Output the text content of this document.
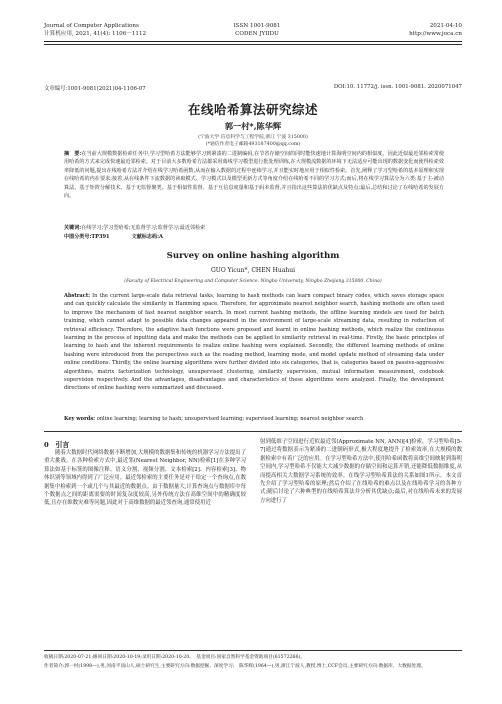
Journal of Computer Applications
计算机应用, 2021, 41(4): 1106－1112
ISSN 1001-9081
CODEN JYIIDU
2021-04-10
http://www.joca.cn
文章编号:1001-9081(2021)04-1106-07	DOI:10. 11772/j. issn. 1001-9081. 2020071047
在线哈希算法研究综述
郭一村*,陈华辉
(宁波大学 信息科学与工程学院,浙江 宁波 315000)
(*通信作者电子邮箱493187400@qq.com)
摘　要:在当前大规模数据检索任务中,学习型哈希方法能够学习到紧凑的二进制编码,在节省存储空间的同时能快速地计算海明空间内的相似度。因此近似最近邻检索常使用哈希的方式来完成快速最近邻检索。对于目前大多数哈希方法都采用离线学习模型进行批处理训练,在大规模流数据的环境下无法适应可能出现的数据变化而使得检索效率降低的问题,提出在线哈希方法并介绍在线学习哈希函数,从而在输入数据的过程中连续学习,并且能实时地应用于相似性检索。首先,阐释了学习型哈希的基本原理和实现在线哈希的内在要求;接着,从在线条件下流数据的读取模式、学习模式以及模型更新方式等角度介绍在线哈希不同的学习方式;而后,将在线学习算法分为六类:基于主-被动算法、基于矩阵分解技术、基于无监督聚类、基于相似性监督、基于互信息度量和基于码本监督,并且指出这些算法的优缺点及特点;最后,总结和讨论了在线哈希的发展方向。
关键词:在线学习;学习型哈希;无监督学习;监督学习;最近邻检索
中图分类号:TP391	文献标志码:A
Survey on online hashing algorithm
GUO Yicun*, CHEN Huahui
(Faculty of Electrical Engineering and Computer Science, Ningbo University, Ningbo Zhejiang 315000, China)
Abstract: In the current large-scale data retrieval tasks, learning to hash methods can learn compact binary codes, which saves storage space and can quickly calculate the similarity in Hamming space. Therefore, for approximate nearest neighbor search, hashing methods are often used to improve the mechanism of fast nearest neighbor search. In most current hashing methods, the offline learning models are used for batch training, which cannot adapt to possible data changes appeared in the environment of large-scale streaming data, resulting in reduction of retrieval efficiency. Therefore, the adaptive hash functions were proposed and learnt in online hashing methods, which realize the continuous learning in the process of inputting data and make the methods can be applied to similarity retrieval in real-time. Firstly, the basic principles of learning to hash and the inherent requirements to realize online hashing were explained. Secondly, the different learning methods of online hashing were introduced from the perspectives such as the reading method, learning mode, and model update method of streaming data under online conditions. Thirdly, the online learning algorithms were further divided into six categories, that is, categories based on passive-aggressive algorithms, matrix factorization technology, unsupervised clustering, similarity supervision, mutual information measurement, codebook supervision respectively. And the advantages, disadvantages and characteristics of these algorithms were analyzed. Finally, the development directions of online hashing were summarized and discussed.
Key words: online learning; learning to hash; unsupervised learning; supervised learning; nearest neighbor search
0　引言

随着大数据时代网络数据不断增加,大规模的数据集和传统的机器学习方法提出了重大挑战。在各种检索方式中,最近邻(Nearest Neighbor, NN)检索[1]在多种学习算法如基于标签的图像注释、语义分割、视频分割、文本检索[2]、内容检索[3]、物体识别等领域内得到了广泛应用。最近邻检索的主要任务是对于给定一个查询点,在数据集中检索到一个或几个与其最近的数据点。由于数据量大,计算查询点与数据库中每个数据点之间的距离需要的时间复杂度较高,另外传统方法在高维空间中的精确度较低,且存在维数灾难等问题,因此对于高维数据的最近邻查询,通常使用近

射到低维子空间进行近似最近邻(Approximate NN, ANN)[4]检索。学习型哈希[5-7]通过将数据表示为紧凑的二进制码形式,极大程度地提升了检索效率,在大规模的数据检索中有着广泛的应用。在学习型哈希方法中,使用哈希函数将高维空间映射到海明空间内,学习型哈希不仅能大大减少数据的存储空间和运算开销,还能降低数据维度,从而提高相关大数据学习系统的效率。在线学习型哈希算法的关系如图1所示。本文首先介绍了学习型哈希的原理;然后介绍了在线哈希的难点以及在线哈希学习的各种方式;随后讨论了六种典型的在线哈希算法并分析其优缺点;最后,对在线哈希未来的发展方向进行了

收稿日期:2020-07-21;修回日期:2020-10-19;录用日期:2020-10-20。　基金项目:国家自然科学基金资助项目(61572266)。
作者简介:郭一村(1998—),男,河南平顶山人,硕士研究生,主要研究方向:数据挖掘、深度学习;　陈华辉(1964—),男,浙江宁波人,教授,博士,CCF会员,主要研究方向:数据库、大数据处理。
